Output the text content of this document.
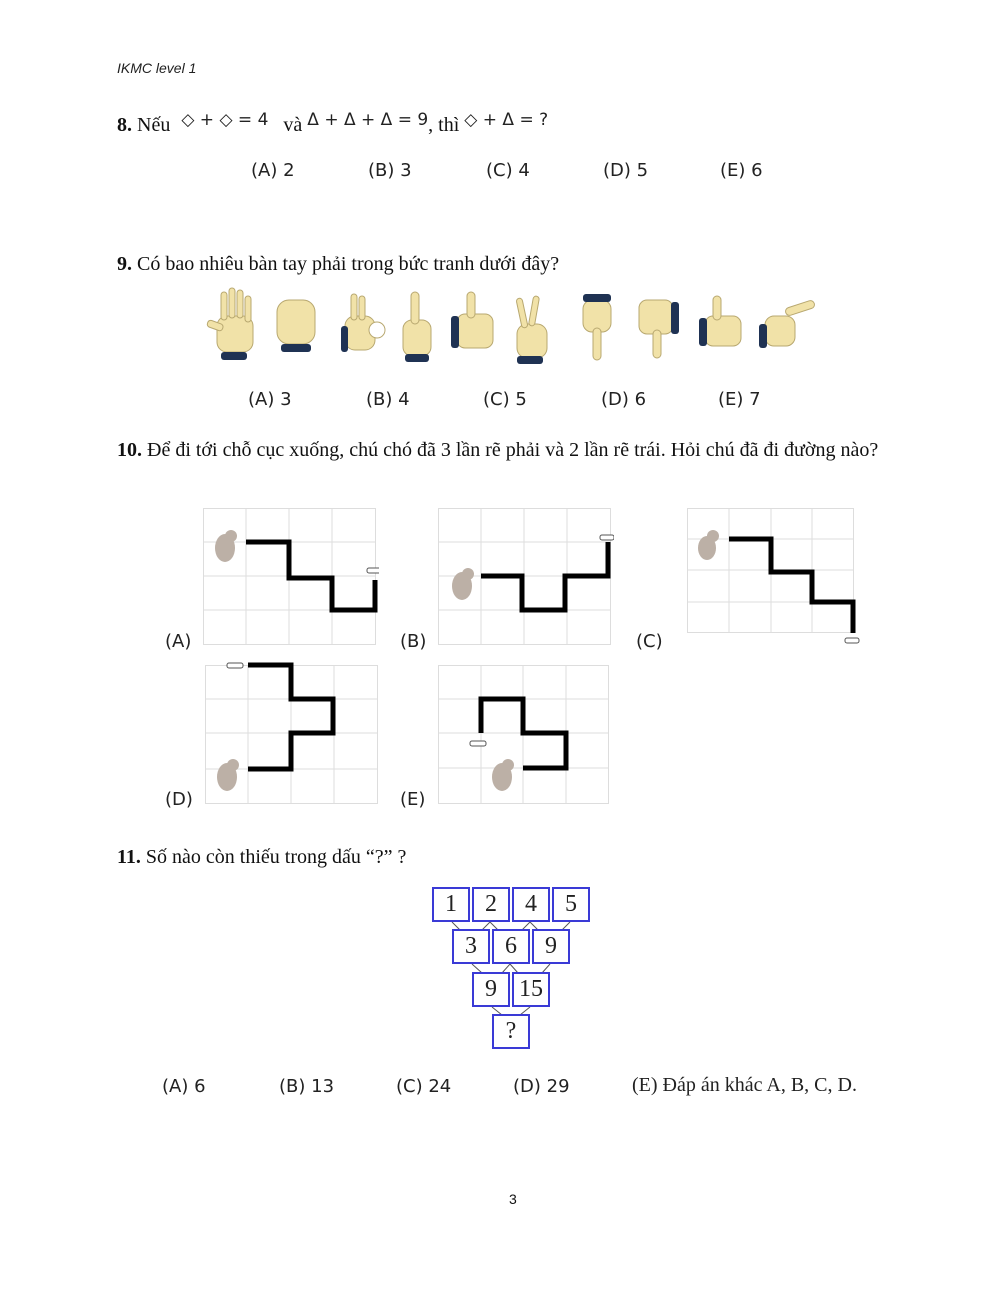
IKMC level 1
8. Nếu $^{◇ + ◇ = 4}$ và $^{\Delta + \Delta + \Delta = 9}$, thì $^{◇ + \Delta = ?}$
(A) 2	(B) 3	(C) 4	(D) 5	(E) 6
9. Có bao nhiêu bàn tay phải trong bức tranh dưới đây?
(A) 3	(B) 4	(C) 5	(D) 6	(E) 7
10. Để đi tới chỗ cục xuống, chú chó đã 3 lần rẽ phải và 2 lần rẽ trái. Hỏi chú đã đi đường nào?
(A)	(B)	(C)
(D)	(E)
11. Số nào còn thiếu trong dấu “?” ?
1	2	4	5
3	6	9
9 15
?
(A) 6	(B) 13	(C) 24	(D) 29	(E) Đáp án khác A, B, C, D.
3
